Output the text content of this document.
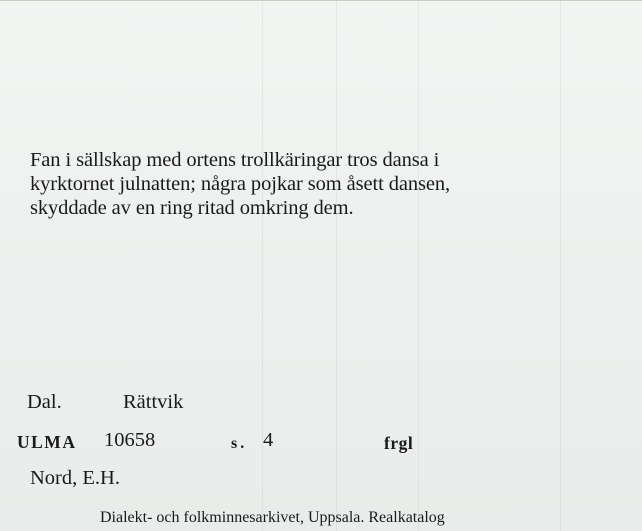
Fan i sällskap med ortens trollkäringar tros dansa i
kyrktornet julnatten; några pojkar som åsett dansen,
skyddade av en ring ritad omkring dem.
Dal.	Rättvik
ULMA 10658	s. 4	frgl
Nord, E.H.
Dialekt- och folkminnesarkivet, Uppsala. Realkatalog
